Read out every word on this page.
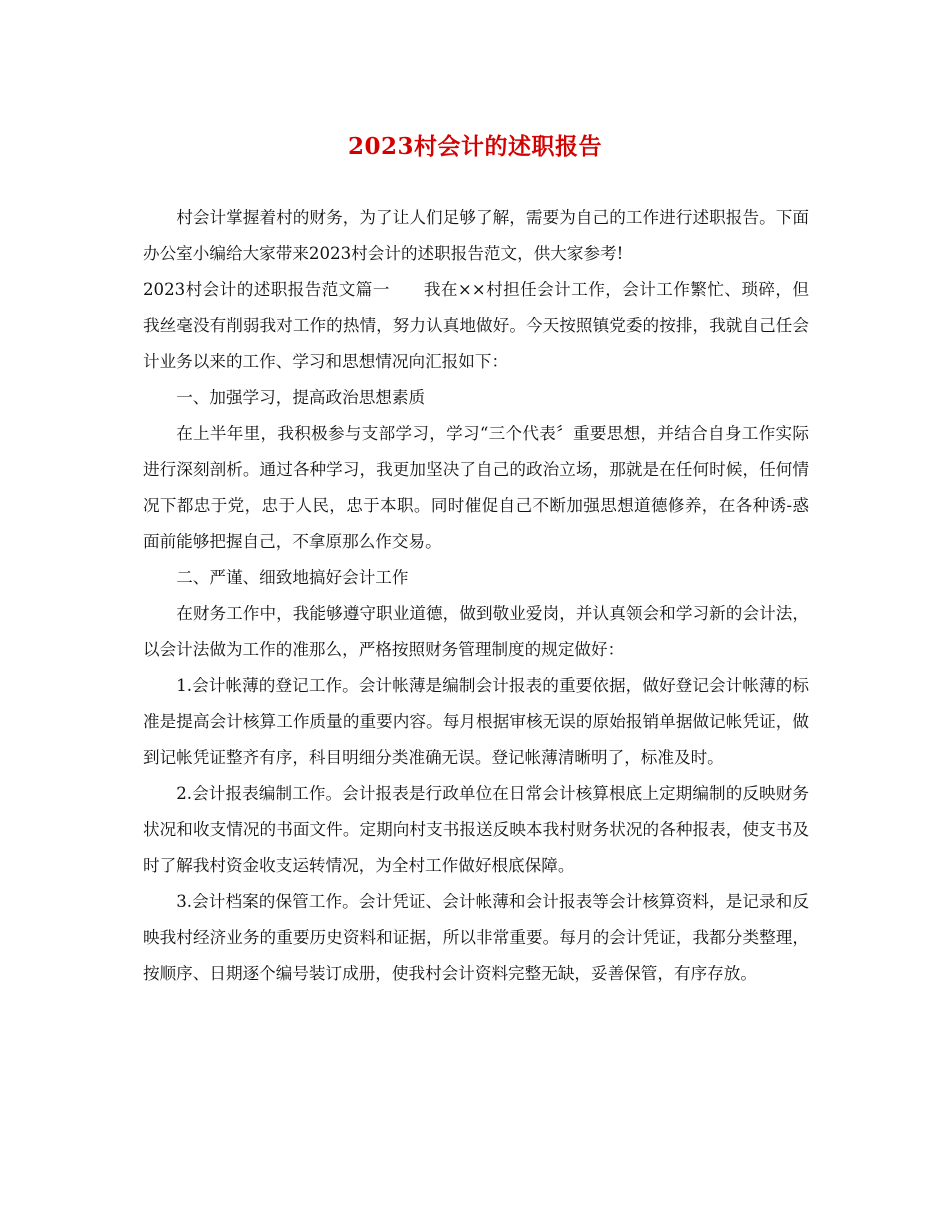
2023村会计的述职报告

村会计掌握着村的财务，为了让人们足够了解，需要为自己的工作进行述职报告。下面办公室小编给大家带来2023村会计的述职报告范文，供大家参考!

2023村会计的述职报告范文篇一　　我在××村担任会计工作，会计工作繁忙、琐碎，但我丝毫没有削弱我对工作的热情，努力认真地做好。今天按照镇党委的按排，我就自己任会计业务以来的工作、学习和思想情况向汇报如下：

一、加强学习，提高政治思想素质

在上半年里，我积极参与支部学习，学习“三个代表〞重要思想，并结合自身工作实际进行深刻剖析。通过各种学习，我更加坚决了自己的政治立场，那就是在任何时候，任何情况下都忠于党，忠于人民，忠于本职。同时催促自己不断加强思想道德修养，在各种诱-惑面前能够把握自己，不拿原那么作交易。

二、严谨、细致地搞好会计工作

在财务工作中，我能够遵守职业道德，做到敬业爱岗，并认真领会和学习新的会计法，以会计法做为工作的准那么，严格按照财务管理制度的规定做好：

1.会计帐薄的登记工作。会计帐薄是编制会计报表的重要依据，做好登记会计帐薄的标准是提高会计核算工作质量的重要内容。每月根据审核无误的原始报销单据做记帐凭证，做到记帐凭证整齐有序，科目明细分类准确无误。登记帐薄清晰明了，标准及时。

2.会计报表编制工作。会计报表是行政单位在日常会计核算根底上定期编制的反映财务状况和收支情况的书面文件。定期向村支书报送反映本我村财务状况的各种报表，使支书及时了解我村资金收支运转情况，为全村工作做好根底保障。

3.会计档案的保管工作。会计凭证、会计帐薄和会计报表等会计核算资料，是记录和反映我村经济业务的重要历史资料和证据，所以非常重要。每月的会计凭证，我都分类整理，按顺序、日期逐个编号装订成册，使我村会计资料完整无缺，妥善保管，有序存放。
